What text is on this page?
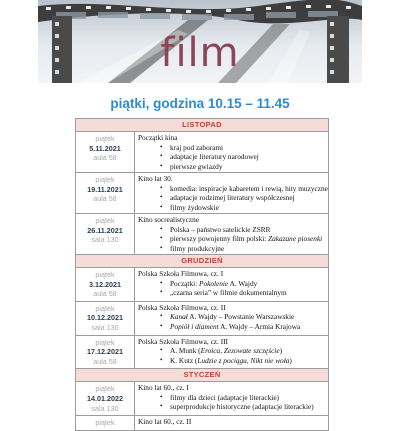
film
piątki, godzina 10.15 – 11.45
LISTOPAD
piątek
5.11.2021
aula 58
Początki kina
• kraj pod zaborami
• adaptacje literatury narodowej
• pierwsze gwiazdy
piątek
19.11.2021
aula 58
Kino lat 30.
• komedia: inspiracje kabaretem i rewią, hity muzyczne
• adaptacje rodzimej literatury współczesnej
• filmy żydowskie
piątek
26.11.2021
sala 130
Kino socrealistyczne
• Polska – państwo satelickie ZSRR
• pierwszy powojenny film polski: Zakazane piosenki
• filmy produkcyjne
GRUDZIEŃ
piątek
3.12.2021
aula 58
Polska Szkoła Filmowa, cz. I
• Początki: Pokolenie A. Wajdy
• „czarna seria” w filmie dokumentalnym
piątek
10.12.2021
sala 130
Polska Szkoła Filmowa, cz. II
• Kanał A. Wajdy – Powstanie Warszawskie
• Popiół i diament A. Wajdy – Armia Krajowa
piątek
17.12.2021
aula 58
Polska Szkoła Filmowa, cz. III
• A. Munk (Eroica, Zezowate szczęście)
• K. Kutz (Ludzie z pociągu, Nikt nie woła)
STYCZEŃ
piątek
14.01.2022
sala 130
Kino lat 60., cz. I
• filmy dla dzieci (adaptacje literackie)
• superprodukcje historyczne (adaptacje literackie)
piątek	Kino lat 60., cz. II
